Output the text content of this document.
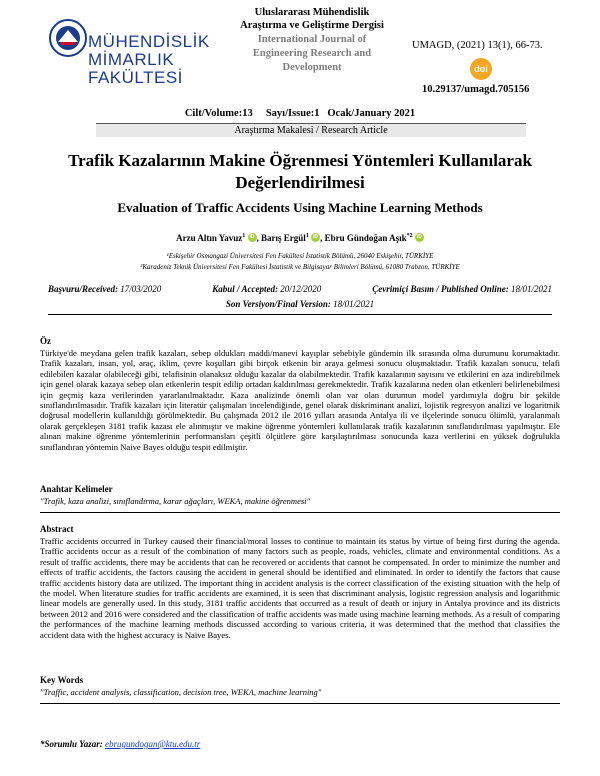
MÜHENDİSLİK
MİMARLIK
FAKÜLTESİ
Uluslararası Mühendislik
Araştırma ve Geliştirme Dergisi
International Journal of
Engineering Research and
Development
UMAGD, (2021) 13(1), 66-73.
doi
10.29137/umagd.705156
Cilt/Volume:13     Sayı/Issue:1   Ocak/January 2021
Araştırma Makalesi / Research Article
Trafik Kazalarının Makine Öğrenmesi Yöntemleri Kullanılarak Değerlendirilmesi
Evaluation of Traffic Accidents Using Machine Learning Methods
Arzu Altın Yavuz$^1$ iD , Barış Ergül$^1$ iD , Ebru Gündoğan Aşık$^{*2}$ iD
¹Eskişehir Osmangazi Üniversitesi Fen Fakültesi İstatistik Bölümü, 26040 Eskişehir, TÜRKİYE
²Karadeniz Teknik Üniversitesi Fen Fakültesi İstatistik ve Bilgisayar Bilimleri Bölümü, 61080 Trabzon, TÜRKİYE
Başvuru/Received: 17/03/2020	Kabul / Accepted: 20/12/2020	Çevrimiçi Basım / Published Online: 18/01/2021
Son Versiyon/Final Version: 18/01/2021
Öz
Türkiye'de meydana gelen trafik kazaları, sebep oldukları maddi/manevi kayıplar sebebiyle gündemin ilk sırasında olma durumunu korumaktadır. Trafik kazaları, insan, yol, araç, iklim, çevre koşulları gibi birçok etkenin bir araya gelmesi sonucu oluşmaktadır. Trafik kazaları sonucu, telafi edilebilen kazalar olabileceği gibi, telafisinin olanaksız olduğu kazalar da olabilmektedir. Trafik kazalarının sayısını ve etkilerini en aza indirebilmek için genel olarak kazaya sebep olan etkenlerin tespit edilip ortadan kaldırılması gerekmektedir. Trafik kazalarına neden olan etkenleri belirlenebilmesi için geçmiş kaza verilerinden yararlanılmaktadır. Kaza analizinde önemli olan var olan durumun model yardımıyla doğru bir şekilde sınıflandırılmasıdır. Trafik kazaları için literatür çalışmaları incelendiğinde, genel olarak diskriminant analizi, lojistik regresyon analizi ve logaritmik doğrusal modellerin kullanıldığı görülmektedir. Bu çalışmada 2012 ile 2016 yılları arasında Antalya ili ve ilçelerinde sonucu ölümlü, yaralanmalı olarak gerçekleşen 3181 trafik kazası ele alınmıştır ve makine öğrenme yöntemleri kullanılarak trafik kazalarının sınıflandırılması yapılmıştır. Ele alınan makine öğrenme yöntemlerinin performansları çeşitli ölçütlere göre karşılaştırılması sonucunda kaza verilerini en yüksek doğrulukla sınıflandıran yöntemin Naive Bayes olduğu tespit edilmiştir.
Anahtar Kelimeler
"Trafik, kaza analizi, sınıflandırma, karar ağaçları, WEKA, makine öğrenmesi"
Abstract
Traffic accidents occurred in Turkey caused their financial/moral losses to continue to maintain its status by virtue of being first during the agenda. Traffic accidents occur as a result of the combination of many factors such as people, roads, vehicles, climate and environmental conditions. As a result of traffic accidents, there may be accidents that can be recovered or accidents that cannot be compensated. In order to minimize the number and effects of traffic accidents, the factors causing the accident in general should be identified and eliminated. In order to identify the factors that cause traffic accidents history data are utilized. The important thing in accident analysis is the correct classification of the existing situation with the help of the model. When literature studies for traffic accidents are examined, it is seen that discriminant analysis, logistic regression analysis and logarithmic linear models are generally used. In this study, 3181 traffic accidents that occurred as a result of death or injury in Antalya province and its districts between 2012 and 2016 were considered and the classification of traffic accidents was made using machine learning methods. As a result of comparing the performances of the machine learning methods discussed according to various criteria, it was determined that the method that classifies the accident data with the highest accuracy is Naive Bayes.
Key Words
"Traffic, accident analysis, classification, decision tree, WEKA, machine learning"
*Sorumlu Yazar: ebrugundogan@ktu.edu.tr
